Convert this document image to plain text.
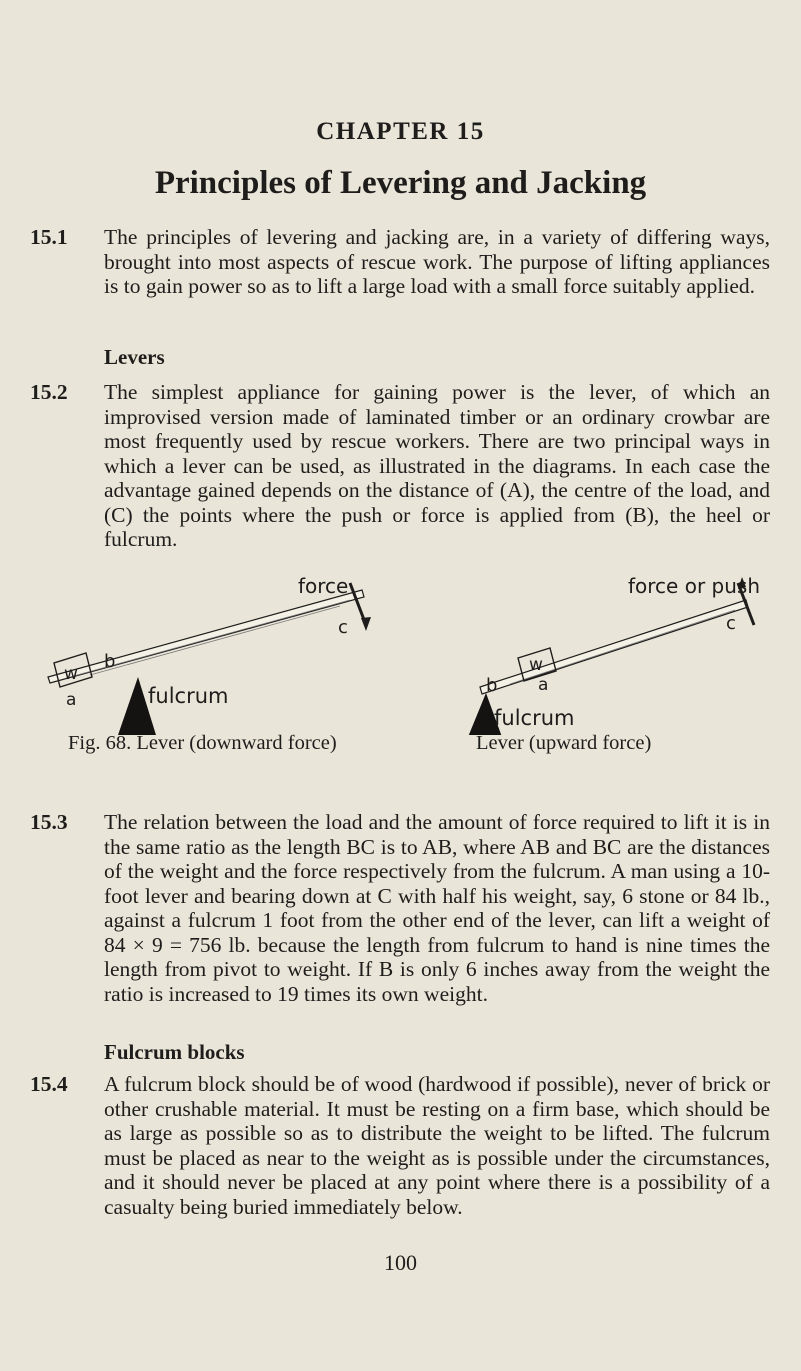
CHAPTER 15
Principles of Levering and Jacking
15.1 The principles of levering and jacking are, in a variety of differing ways, brought into most aspects of rescue work. The purpose of lifting appliances is to gain power so as to lift a large load with a small force suitably applied.
Levers
15.2 The simplest appliance for gaining power is the lever, of which an improvised version made of laminated timber or an ordinary crowbar are most frequently used by rescue workers. There are two principal ways in which a lever can be used, as illustrated in the diagrams. In each case the advantage gained depends on the distance of (A), the centre of the load, and (C) the points where the push or force is applied from (B), the heel or fulcrum.
force
c
b
w
a	fulcrum
force or push
c
b
w
a
fulcrum
Fig. 68. Lever (downward force)	Lever (upward force)
15.3 The relation between the load and the amount of force required to lift it is in the same ratio as the length BC is to AB, where AB and BC are the distances of the weight and the force respectively from the fulcrum. A man using a 10-foot lever and bearing down at C with half his weight, say, 6 stone or 84 lb., against a fulcrum 1 foot from the other end of the lever, can lift a weight of 84 × 9 = 756 lb. because the length from fulcrum to hand is nine times the length from pivot to weight. If B is only 6 inches away from the weight the ratio is increased to 19 times its own weight.
Fulcrum blocks
15.4 A fulcrum block should be of wood (hardwood if possible), never of brick or other crushable material. It must be resting on a firm base, which should be as large as possible so as to distribute the weight to be lifted. The fulcrum must be placed as near to the weight as is possible under the circumstances, and it should never be placed at any point where there is a possibility of a casualty being buried immediately below.
100
